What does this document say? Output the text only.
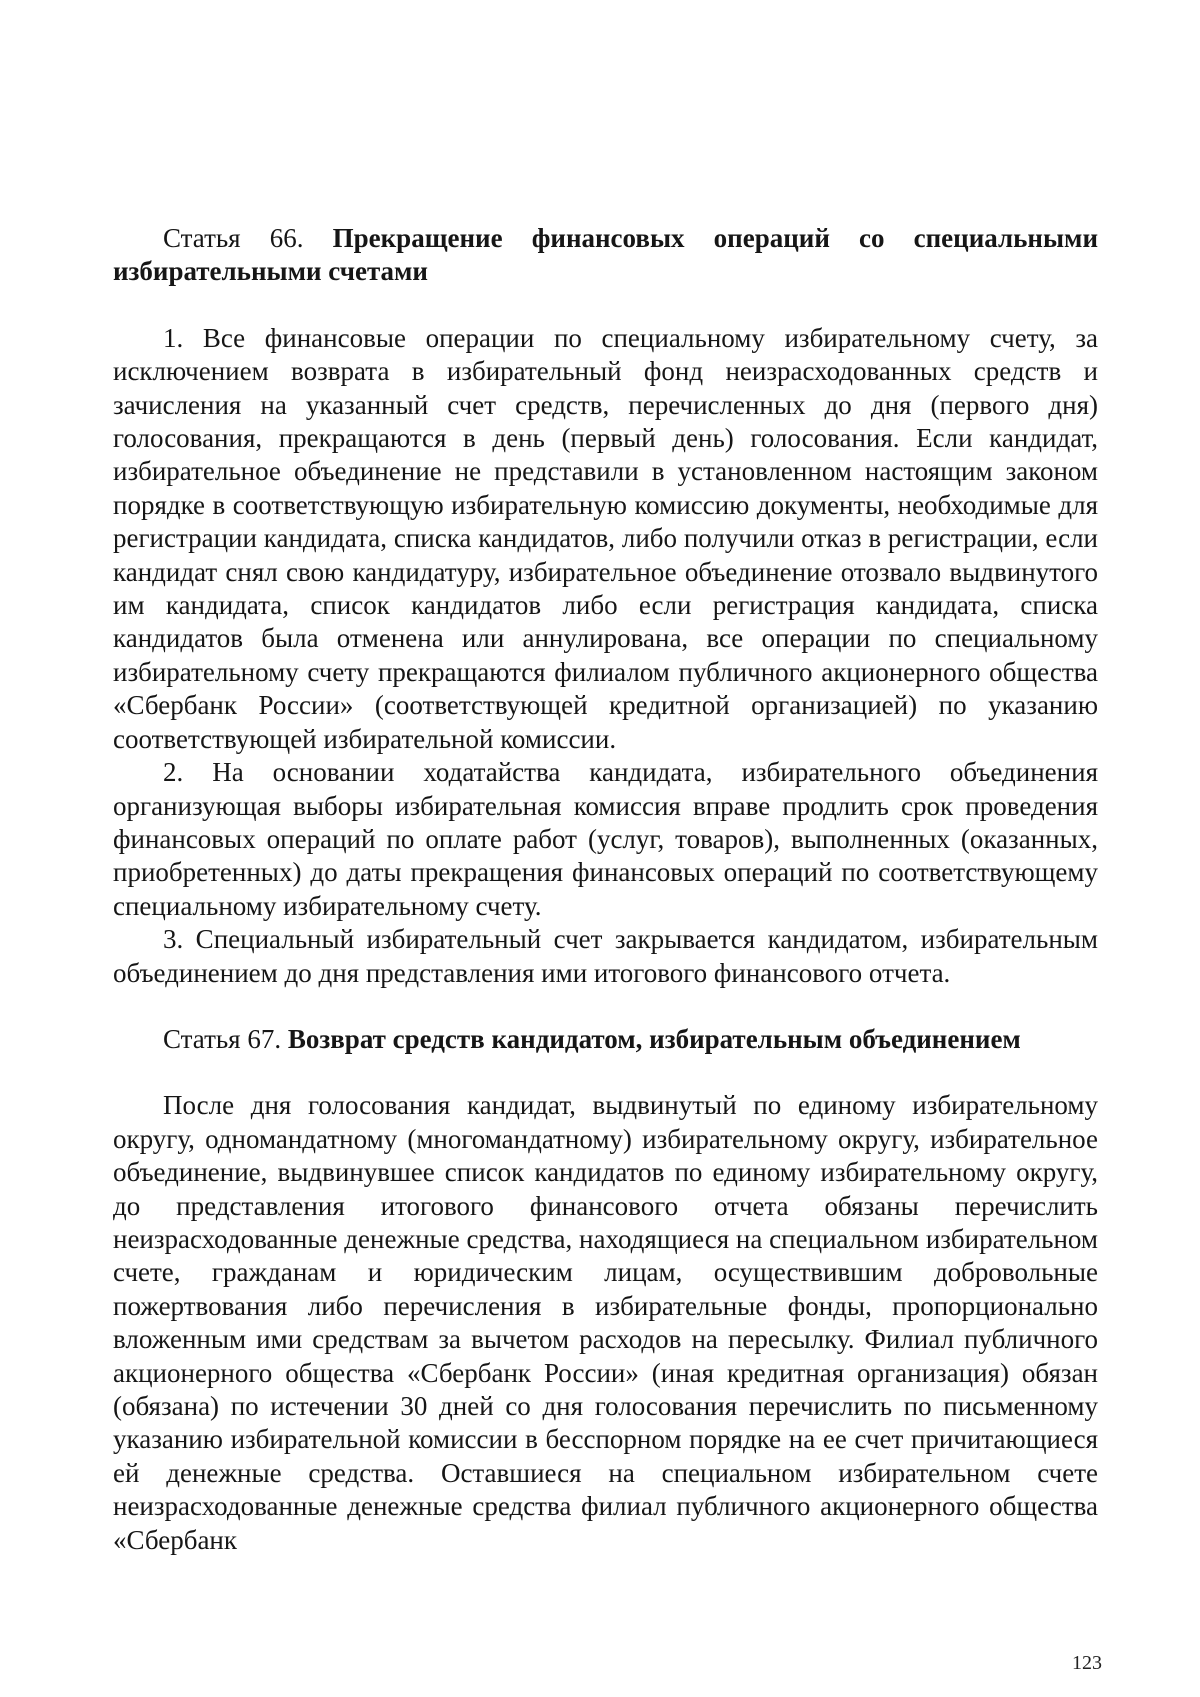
Статья 66. Прекращение финансовых операций со специальными избирательными счетами

1. Все финансовые операции по специальному избирательному счету, за исключением возврата в избирательный фонд неизрасходованных средств и зачисления на указанный счет средств, перечисленных до дня (первого дня) голосования, прекращаются в день (первый день) голосования. Если кандидат, избирательное объединение не представили в установленном настоящим законом порядке в соответствующую избирательную комиссию документы, необходимые для регистрации кандидата, списка кандидатов, либо получили отказ в регистрации, если кандидат снял свою кандидатуру, избирательное объединение отозвало выдвинутого им кандидата, список кандидатов либо если регистрация кандидата, списка кандидатов была отменена или аннулирована, все операции по специальному избирательному счету прекращаются филиалом публичного акционерного общества «Сбербанк России» (соответствующей кредитной организацией) по указанию соответствующей избирательной комиссии.

2. На основании ходатайства кандидата, избирательного объединения организующая выборы избирательная комиссия вправе продлить срок проведения финансовых операций по оплате работ (услуг, товаров), выполненных (оказанных, приобретенных) до даты прекращения финансовых операций по соответствующему специальному избирательному счету.

3. Специальный избирательный счет закрывается кандидатом, избирательным объединением до дня представления ими итогового финансового отчета.

Статья 67. Возврат средств кандидатом, избирательным объединением

После дня голосования кандидат, выдвинутый по единому избирательному округу, одномандатному (многомандатному) избирательному округу, избирательное объединение, выдвинувшее список кандидатов по единому избирательному округу, до представления итогового финансового отчета обязаны перечислить неизрасходованные денежные средства, находящиеся на специальном избирательном счете, гражданам и юридическим лицам, осуществившим добровольные пожертвования либо перечисления в избирательные фонды, пропорционально вложенным ими средствам за вычетом расходов на пересылку. Филиал публичного акционерного общества «Сбербанк России» (иная кредитная организация) обязан (обязана) по истечении 30 дней со дня голосования перечислить по письменному указанию избирательной комиссии в бесспорном порядке на ее счет причитающиеся ей денежные средства. Оставшиеся на специальном избирательном счете неизрасходованные денежные средства филиал публичного акционерного общества «Сбербанк

123
